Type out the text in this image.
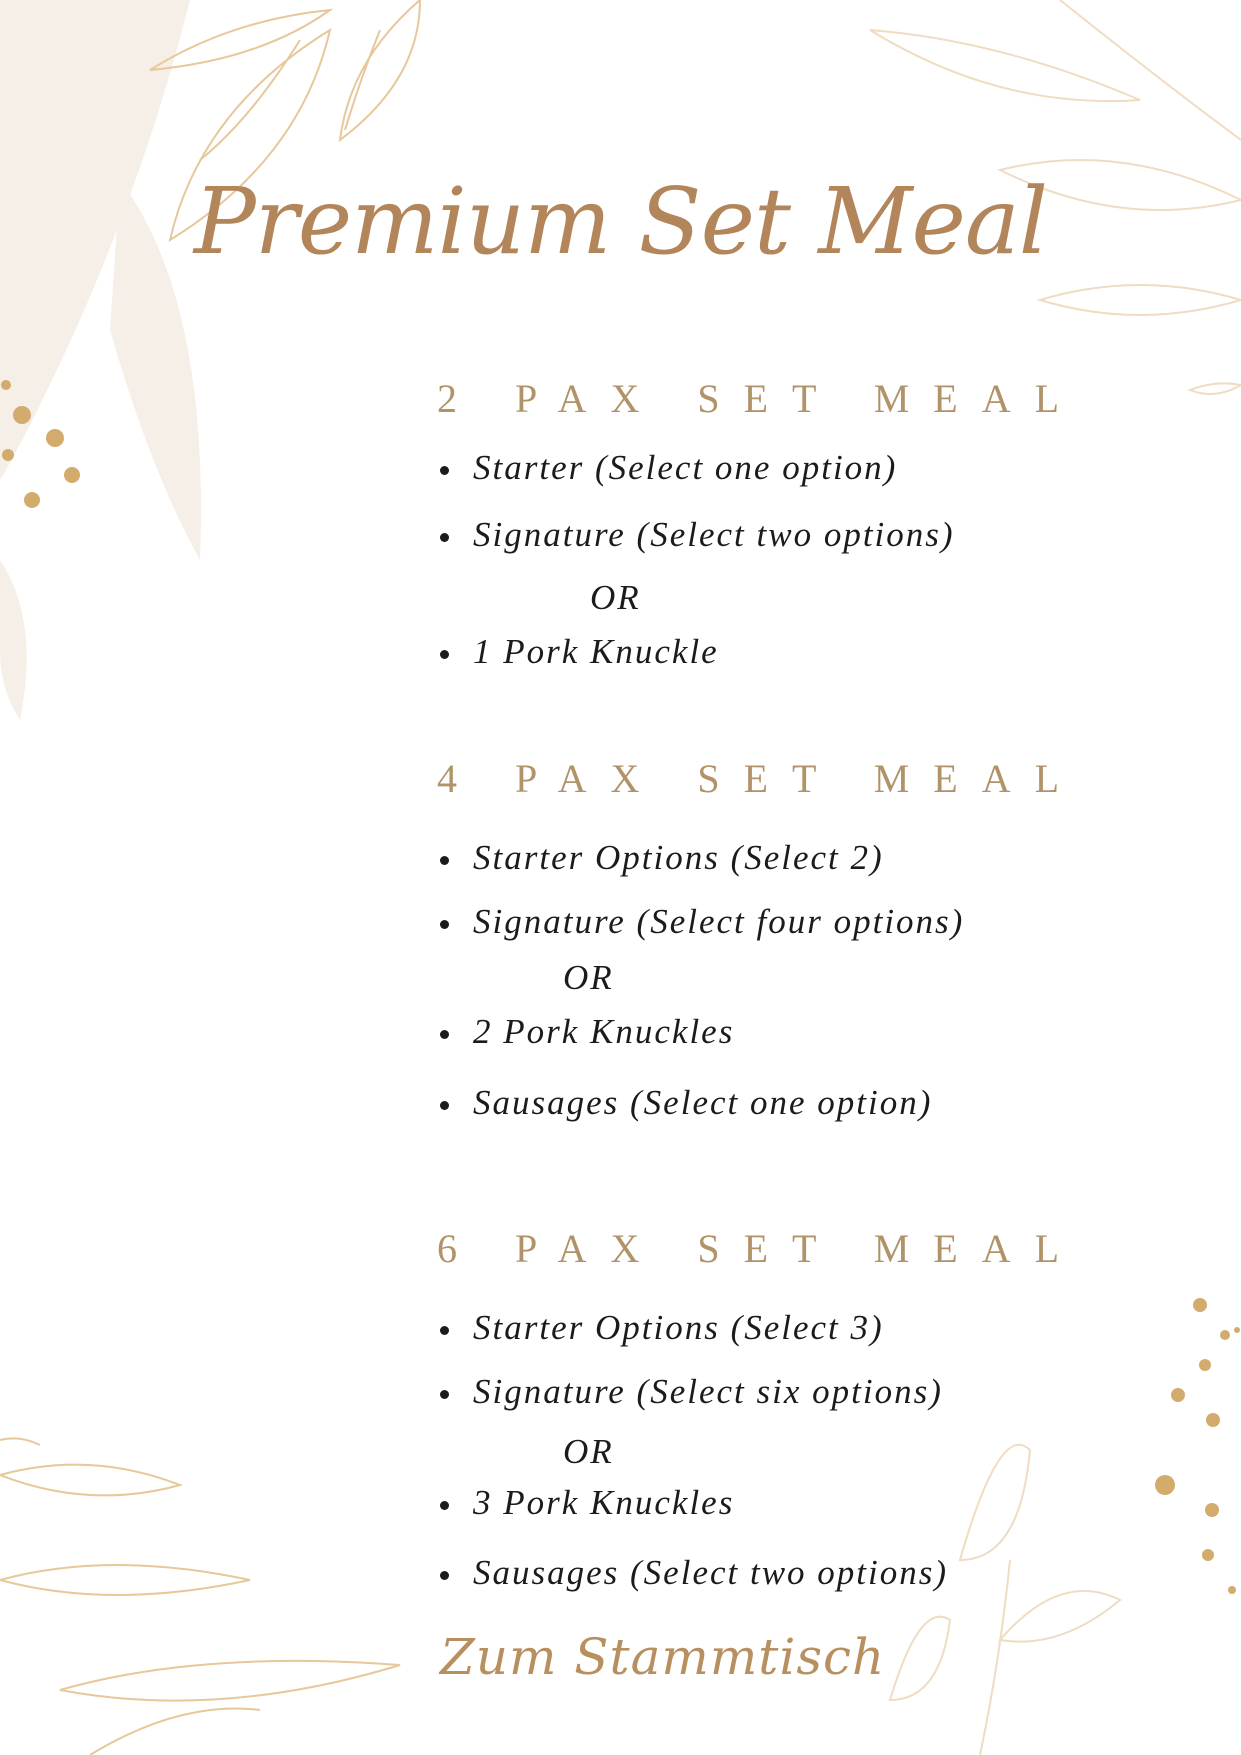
Premium Set Meal
2 PAX SET MEAL
Starter (Select one option)
Signature (Select two options)
OR
1 Pork Knuckle
4 PAX SET MEAL
Starter Options (Select 2)
Signature (Select four options)
OR
2 Pork Knuckles
Sausages (Select one option)
6 PAX SET MEAL
Starter Options (Select 3)
Signature (Select six options)
OR
3 Pork Knuckles
Sausages (Select two options)
Zum Stammtisch
